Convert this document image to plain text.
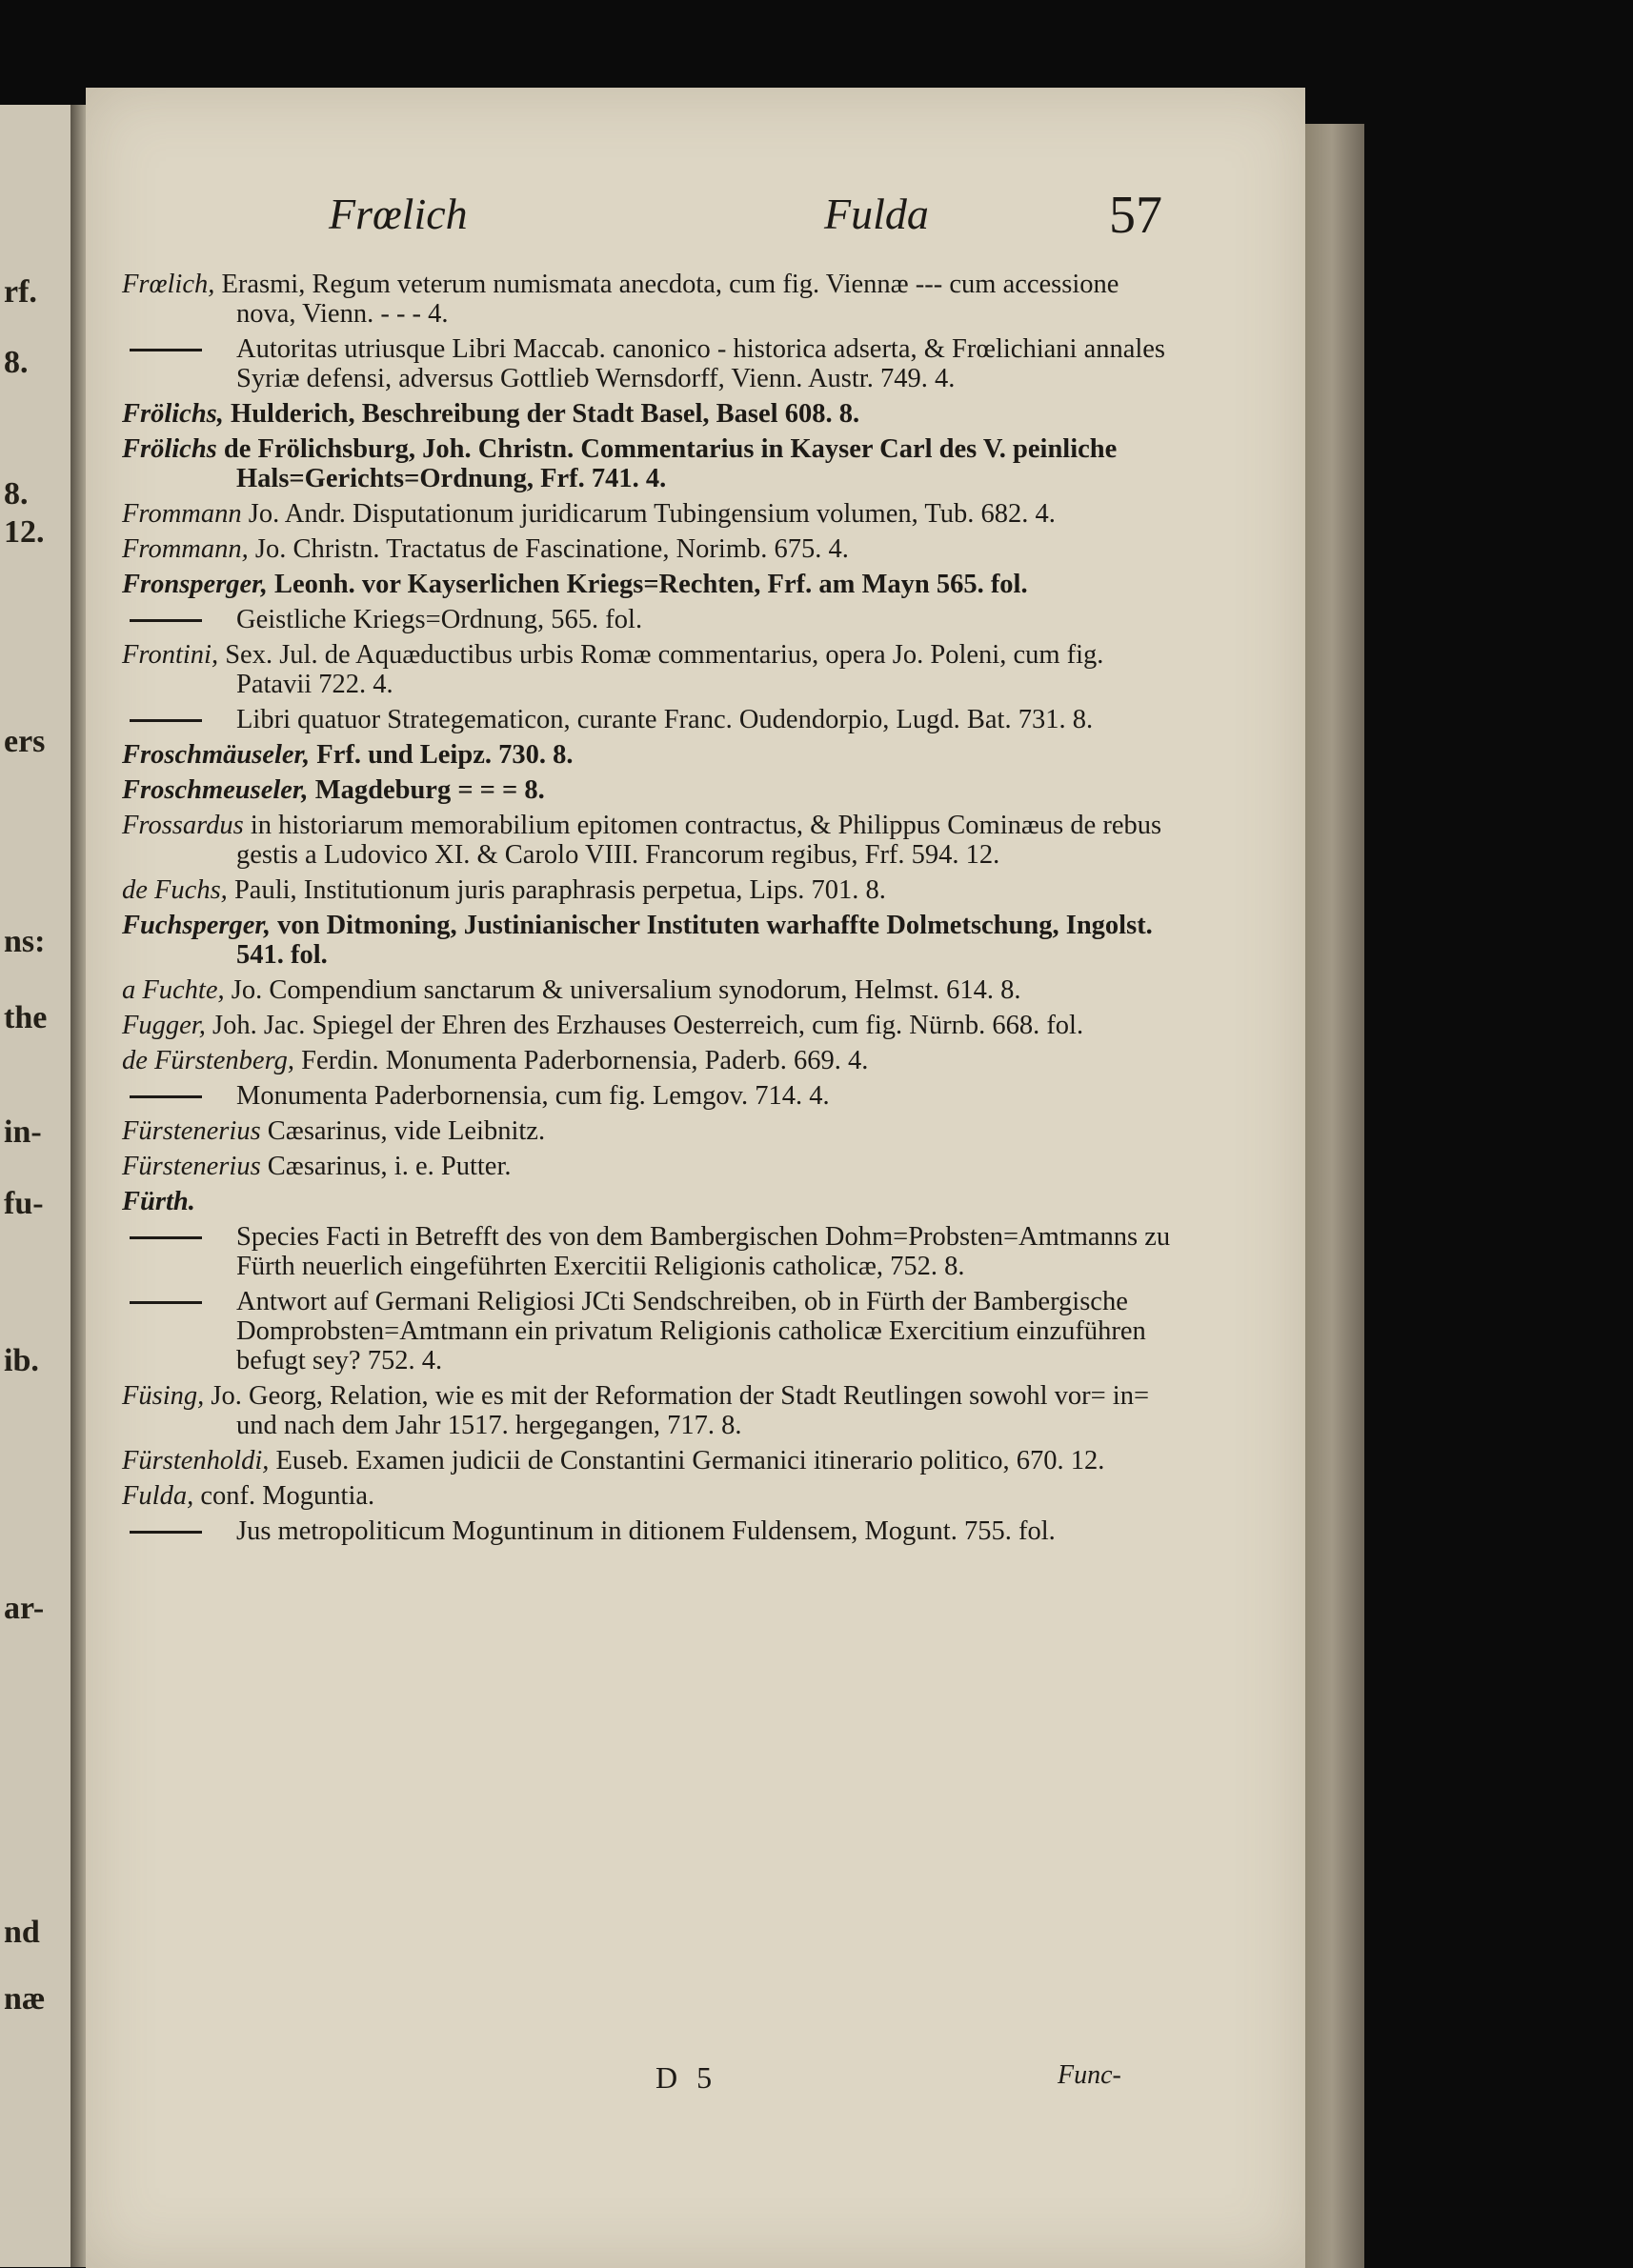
rf.
8.
8.
12.
ers
ns:
the
in-
fu-
ib.
ar-
nd
næ
Frœlich	Fulda	57
Frœlich, Erasmi, Regum veterum numismata anecdota, cum fig. Viennæ --- cum accessione nova, Vienn. - - - 4.
Autoritas utriusque Libri Maccab. canonico - historica adserta, & Frœlichiani annales Syriæ defensi, adversus Gottlieb Wernsdorff, Vienn. Austr. 749. 4.
Frölichs, Hulderich, Beschreibung der Stadt Basel, Basel 608. 8.
Frölichs de Frölichsburg, Joh. Christn. Commentarius in Kayser Carl des V. peinliche Hals=Gerichts=Ordnung, Frf. 741. 4.
Frommann Jo. Andr. Disputationum juridicarum Tubingensium volumen, Tub. 682. 4.
Frommann, Jo. Christn. Tractatus de Fascinatione, Norimb. 675. 4.
Fronsperger, Leonh. vor Kayserlichen Kriegs=Rechten, Frf. am Mayn 565. fol.
Geistliche Kriegs=Ordnung, 565. fol.
Frontini, Sex. Jul. de Aquæductibus urbis Romæ commentarius, opera Jo. Poleni, cum fig. Patavii 722. 4.
Libri quatuor Strategematicon, curante Franc. Oudendorpio, Lugd. Bat. 731. 8.
Froschmäuseler, Frf. und Leipz. 730. 8.
Froschmeuseler, Magdeburg = = = 8.
Frossardus in historiarum memorabilium epitomen contractus, & Philippus Cominæus de rebus gestis a Ludovico XI. & Carolo VIII. Francorum regibus, Frf. 594. 12.
de Fuchs, Pauli, Institutionum juris paraphrasis perpetua, Lips. 701. 8.
Fuchsperger, von Ditmoning, Justinianischer Instituten warhaffte Dolmetschung, Ingolst. 541. fol.
a Fuchte, Jo. Compendium sanctarum & universalium synodorum, Helmst. 614. 8.
Fugger, Joh. Jac. Spiegel der Ehren des Erzhauses Oesterreich, cum fig. Nürnb. 668. fol.
de Fürstenberg, Ferdin. Monumenta Paderbornensia, Paderb. 669. 4.
Monumenta Paderbornensia, cum fig. Lemgov. 714. 4.
Fürstenerius Cæsarinus, vide Leibnitz.
Fürstenerius Cæsarinus, i. e. Putter.
Fürth.
Species Facti in Betrefft des von dem Bambergischen Dohm=Probsten=Amtmanns zu Fürth neuerlich eingeführten Exercitii Religionis catholicæ, 752. 8.
Antwort auf Germani Religiosi JCti Sendschreiben, ob in Fürth der Bambergische Domprobsten=Amtmann ein privatum Religionis catholicæ Exercitium einzuführen befugt sey? 752. 4.
Füsing, Jo. Georg, Relation, wie es mit der Reformation der Stadt Reutlingen sowohl vor= in= und nach dem Jahr 1517. hergegangen, 717. 8.
Fürstenholdi, Euseb. Examen judicii de Constantini Germanici itinerario politico, 670. 12.
Fulda, conf. Moguntia.
Jus metropoliticum Moguntinum in ditionem Fuldensem, Mogunt. 755. fol.
D 5	Func-
